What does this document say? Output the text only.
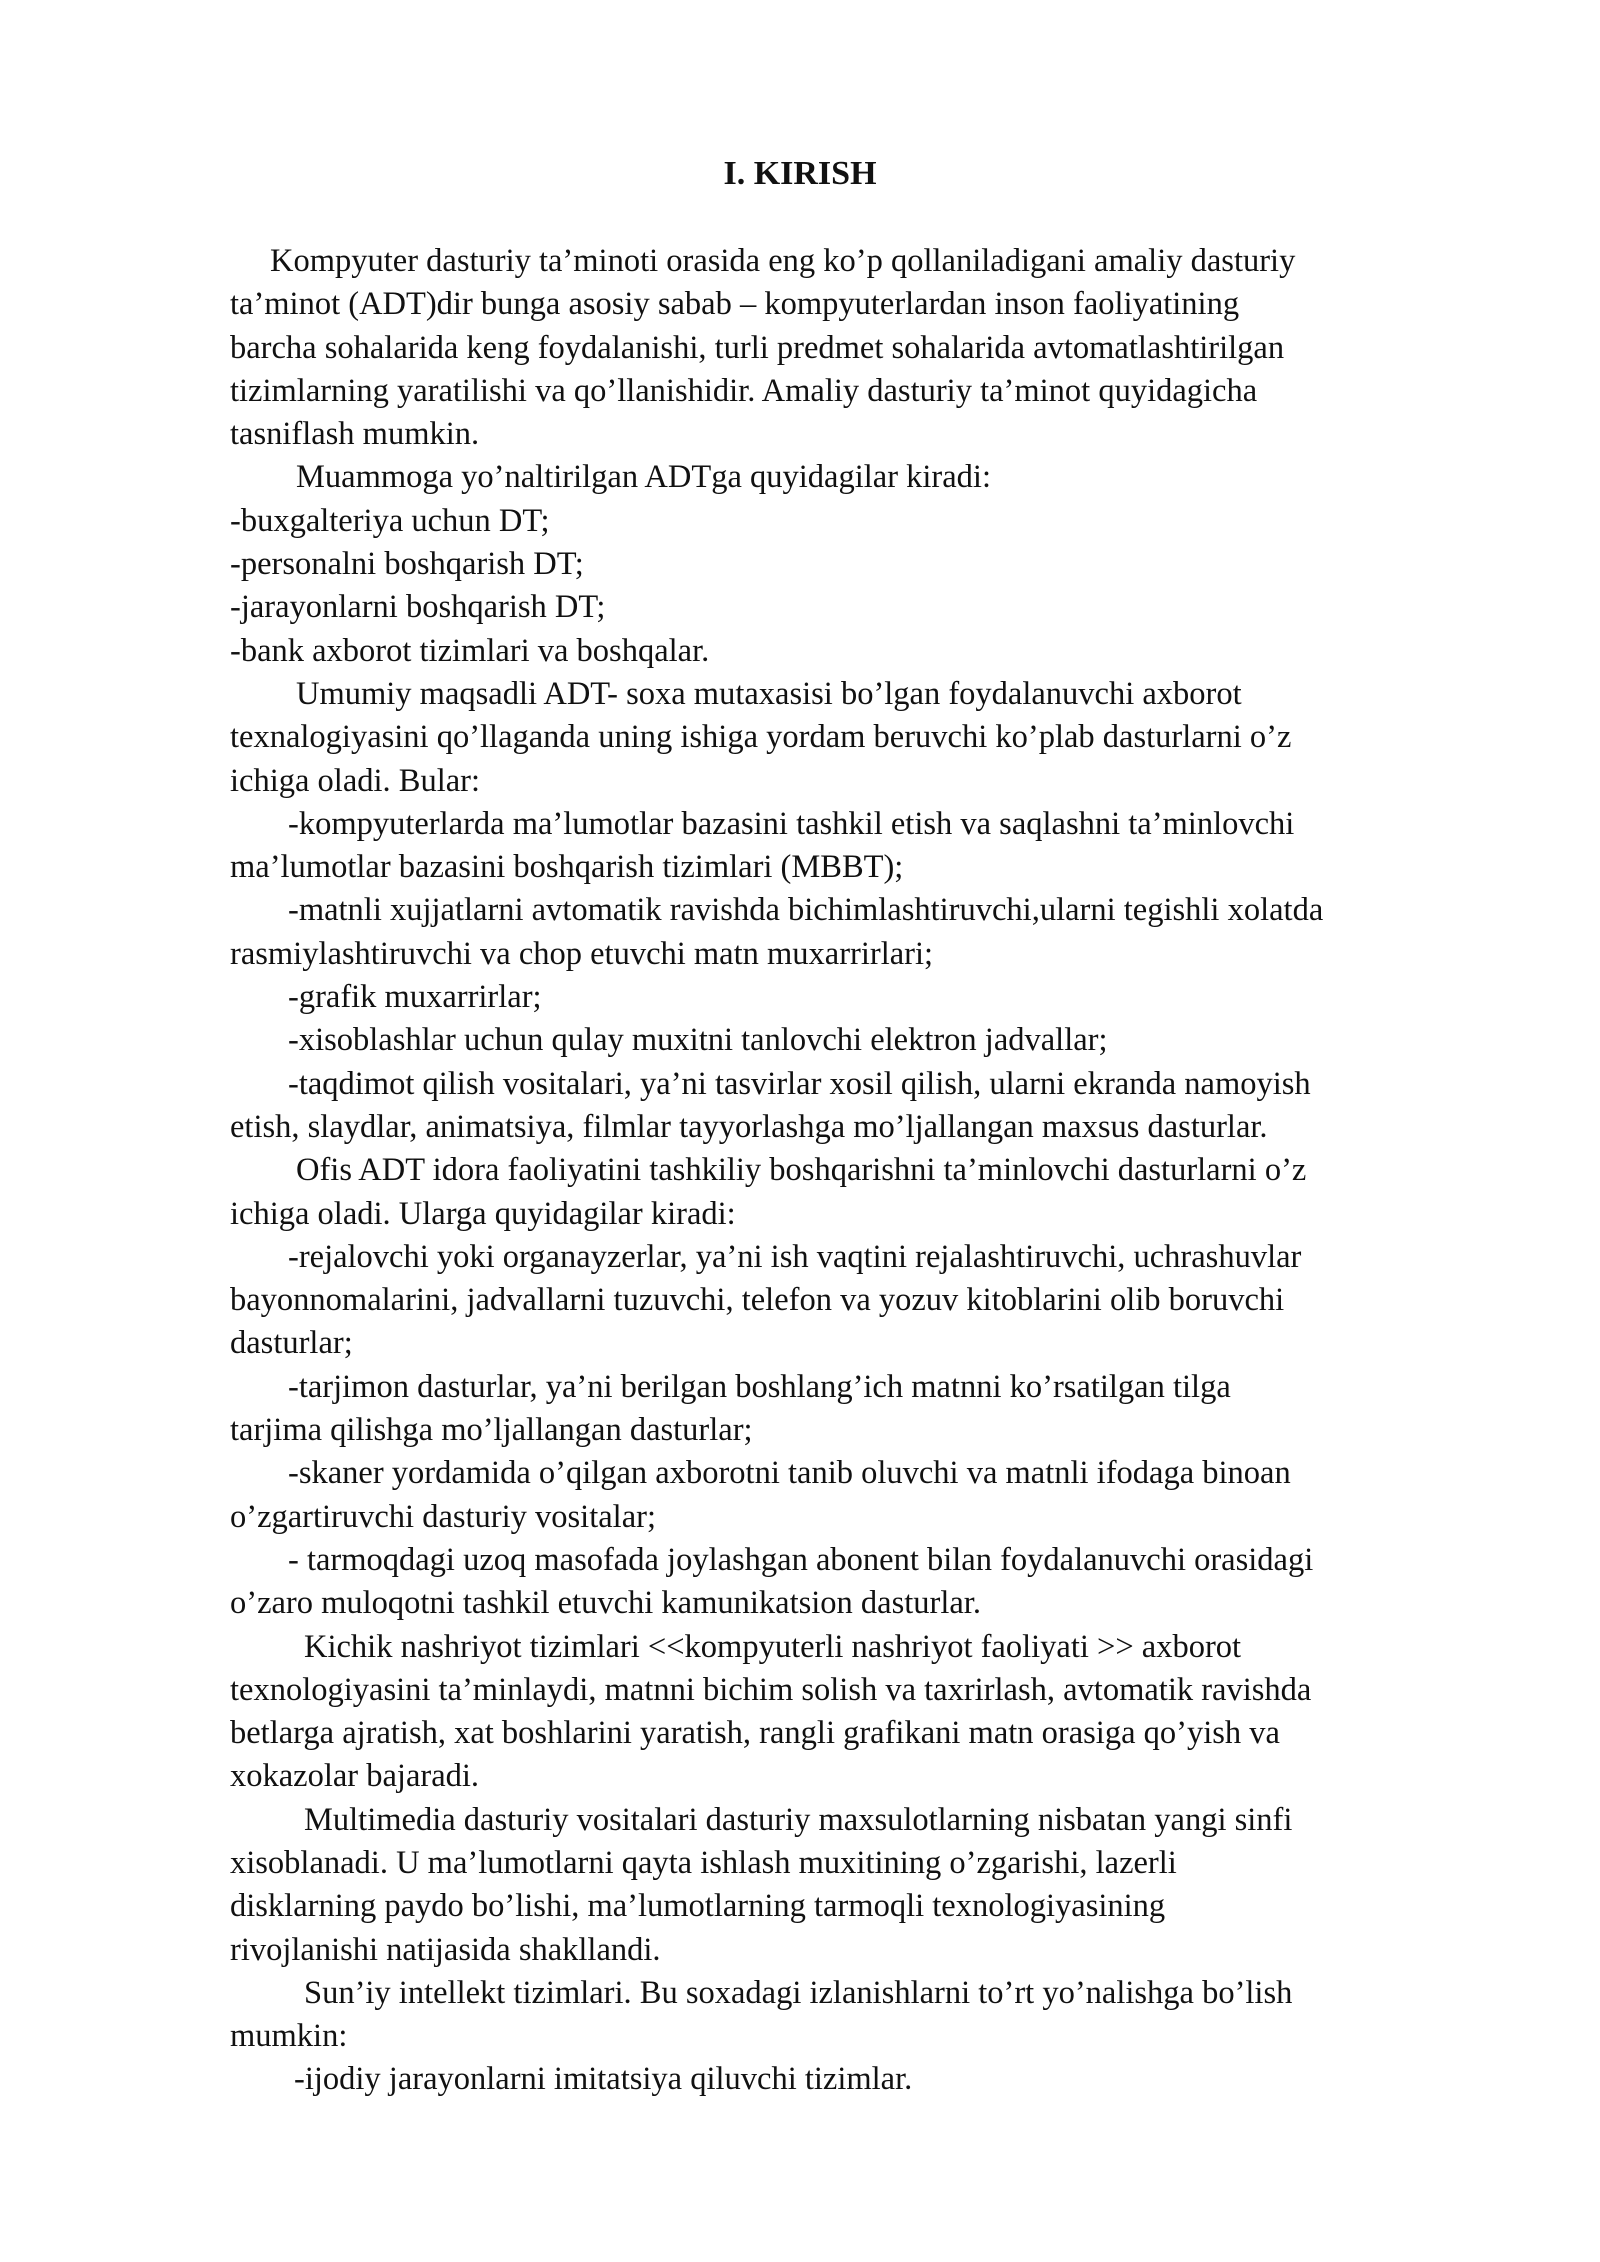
I. KIRISH
Kompyuter dasturiy ta’minoti orasida eng ko’p qollaniladigani amaliy dasturiy
ta’minot (ADT)dir bunga asosiy sabab – kompyuterlardan inson faoliyatining
barcha sohalarida keng foydalanishi, turli predmet sohalarida avtomatlashtirilgan
tizimlarning yaratilishi va qo’llanishidir. Amaliy dasturiy ta’minot quyidagicha
tasniflash mumkin.
Muammoga yo’naltirilgan ADTga quyidagilar kiradi:
-buxgalteriya uchun DT;
-personalni boshqarish DT;
-jarayonlarni boshqarish DT;
-bank axborot tizimlari va boshqalar.
Umumiy maqsadli ADT- soxa mutaxasisi bo’lgan foydalanuvchi axborot
texnalogiyasini qo’llaganda uning ishiga yordam beruvchi ko’plab dasturlarni o’z
ichiga oladi. Bular:
-kompyuterlarda ma’lumotlar bazasini tashkil etish va saqlashni ta’minlovchi
ma’lumotlar bazasini boshqarish tizimlari (MBBT);
-matnli xujjatlarni avtomatik ravishda bichimlashtiruvchi,ularni tegishli xolatda
rasmiylashtiruvchi va chop etuvchi matn muxarrirlari;
-grafik muxarrirlar;
-xisoblashlar uchun qulay muxitni tanlovchi elektron jadvallar;
-taqdimot qilish vositalari, ya’ni tasvirlar xosil qilish, ularni ekranda namoyish
etish, slaydlar, animatsiya, filmlar tayyorlashga mo’ljallangan maxsus dasturlar.
Ofis ADT idora faoliyatini tashkiliy boshqarishni ta’minlovchi dasturlarni o’z
ichiga oladi. Ularga quyidagilar kiradi:
-rejalovchi yoki organayzerlar, ya’ni ish vaqtini rejalashtiruvchi, uchrashuvlar
bayonnomalarini, jadvallarni tuzuvchi, telefon va yozuv kitoblarini olib boruvchi
dasturlar;
-tarjimon dasturlar, ya’ni berilgan boshlang’ich matnni ko’rsatilgan tilga
tarjima qilishga mo’ljallangan dasturlar;
-skaner yordamida o’qilgan axborotni tanib oluvchi va matnli ifodaga binoan
o’zgartiruvchi dasturiy vositalar;
- tarmoqdagi uzoq masofada joylashgan abonent bilan foydalanuvchi orasidagi
o’zaro muloqotni tashkil etuvchi kamunikatsion dasturlar.
Kichik nashriyot tizimlari <<kompyuterli nashriyot faoliyati >> axborot
texnologiyasini ta’minlaydi, matnni bichim solish va taxrirlash, avtomatik ravishda
betlarga ajratish, xat boshlarini yaratish, rangli grafikani matn orasiga qo’yish va
xokazolar bajaradi.
Multimedia dasturiy vositalari dasturiy maxsulotlarning nisbatan yangi sinfi
xisoblanadi. U ma’lumotlarni qayta ishlash muxitining o’zgarishi, lazerli
disklarning paydo bo’lishi, ma’lumotlarning tarmoqli texnologiyasining
rivojlanishi natijasida shakllandi.
Sun’iy intellekt tizimlari. Bu soxadagi izlanishlarni to’rt yo’nalishga bo’lish
mumkin:
-ijodiy jarayonlarni imitatsiya qiluvchi tizimlar.
